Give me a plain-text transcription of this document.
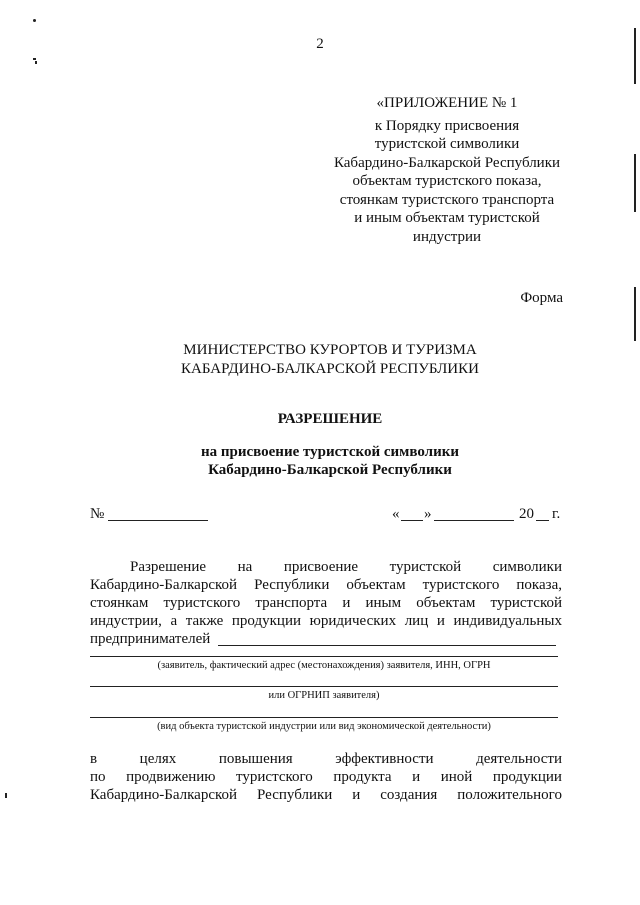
2
«ПРИЛОЖЕНИЕ № 1
к Порядку присвоения
туристской символики
Кабардино-Балкарской Республики
объектам туристского показа,
стоянкам туристского транспорта
и иным объектам туристской
индустрии
Форма
МИНИСТЕРСТВО КУРОРТОВ И ТУРИЗМА
КАБАРДИНО-БАЛКАРСКОЙ РЕСПУБЛИКИ
РАЗРЕШЕНИЕ
на присвоение туристской символики
Кабардино-Балкарской Республики
№	« »	20 г.
Разрешение на присвоение туристской символики
Кабардино-Балкарской Республики объектам туристского показа,
стоянкам туристского транспорта и иным объектам туристской
индустрии, а также продукции юридических лиц и индивидуальных
предпринимателей
(заявитель, фактический адрес (местонахождения) заявителя, ИНН, ОГРН
или ОГРНИП заявителя)
(вид объекта туристской индустрии или вид экономической деятельности)
в	целях	повышения	эффективности	деятельности
по продвижению туристского продукта и иной продукции
Кабардино-Балкарской Республики и создания положительного
